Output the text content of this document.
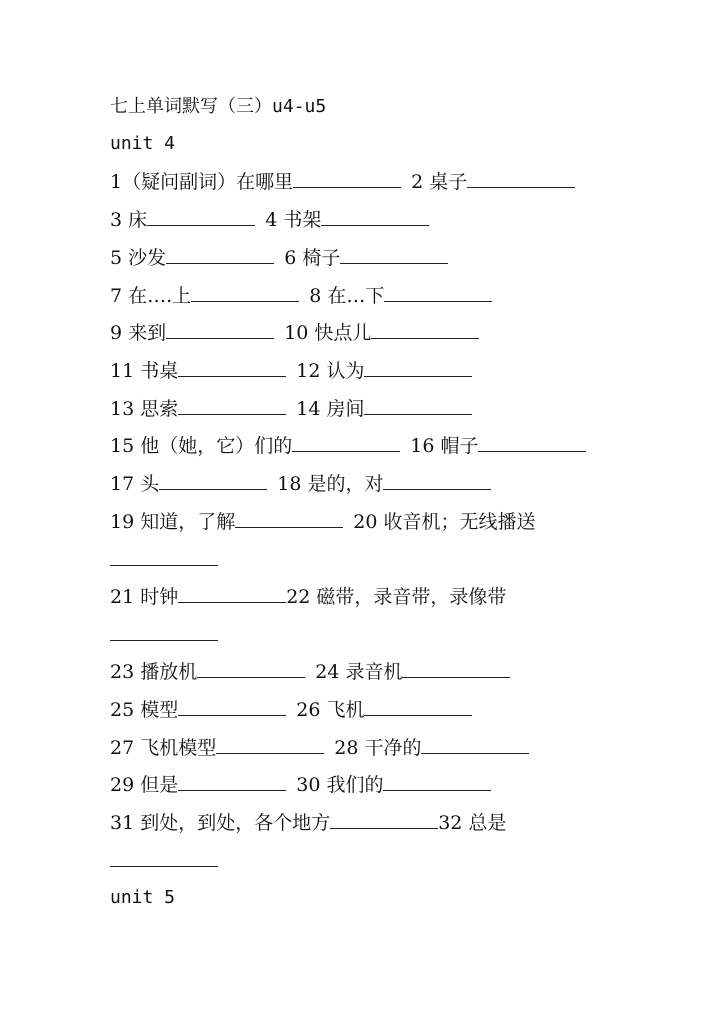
七上单词默写（三）u4-u5
unit 4
1（疑问副词）在哪里	2 桌子
3 床	4 书架
5 沙发	6 椅子
7 在….上	8 在…下
9 来到	10 快点儿
11 书桌	12 认为
13 思索	14 房间
15 他（她，它）们的	16 帽子
17 头	18 是的，对
19 知道，了解	20 收音机；无线播送
21 时钟	22 磁带，录音带，录像带
23 播放机	24 录音机
25 模型	26 飞机
27 飞机模型	28 干净的
29 但是	30 我们的
31 到处，到处，各个地方	32 总是
unit 5
